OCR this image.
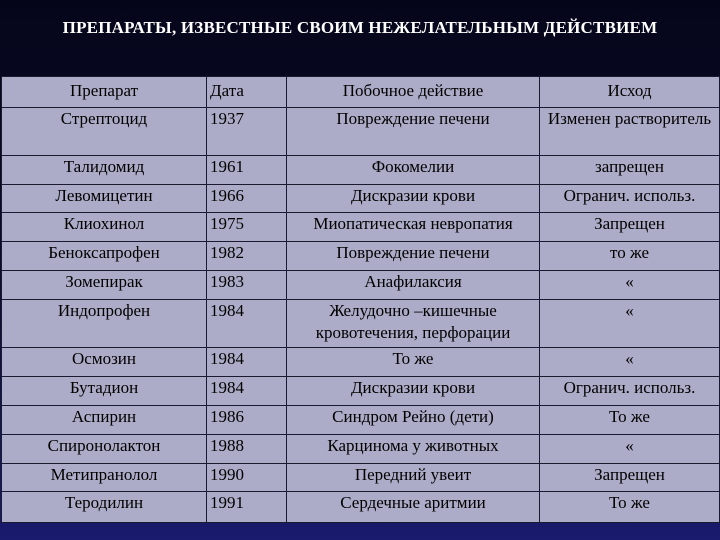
ПРЕПАРАТЫ, ИЗВЕСТНЫЕ СВОИМ НЕЖЕЛАТЕЛЬНЫМ ДЕЙСТВИЕМ
Препарат	Дата	Побочное действие	Исход
Стрептоцид	1937	Повреждение печени	Изменен растворитель
Талидомид	1961	Фокомелии	запрещен
Левомицетин	1966	Дискразии крови	Огранич. использ.
Клиохинол	1975	Миопатическая невропатия	Запрещен
Беноксапрофен	1982	Повреждение печени	то же
Зомепирак	1983	Анафилаксия	«
Индопрофен	1984	Желудочно –кишечные кровотечения, перфорации	«
Осмозин	1984	То же	«
Бутадион	1984	Дискразии крови	Огранич. использ.
Аспирин	1986	Синдром Рейно (дети)	То же
Спиронолактон	1988	Карцинома у животных	«
Метипранолол	1990	Передний увеит	Запрещен
Теродилин	1991	Сердечные аритмии	То же
